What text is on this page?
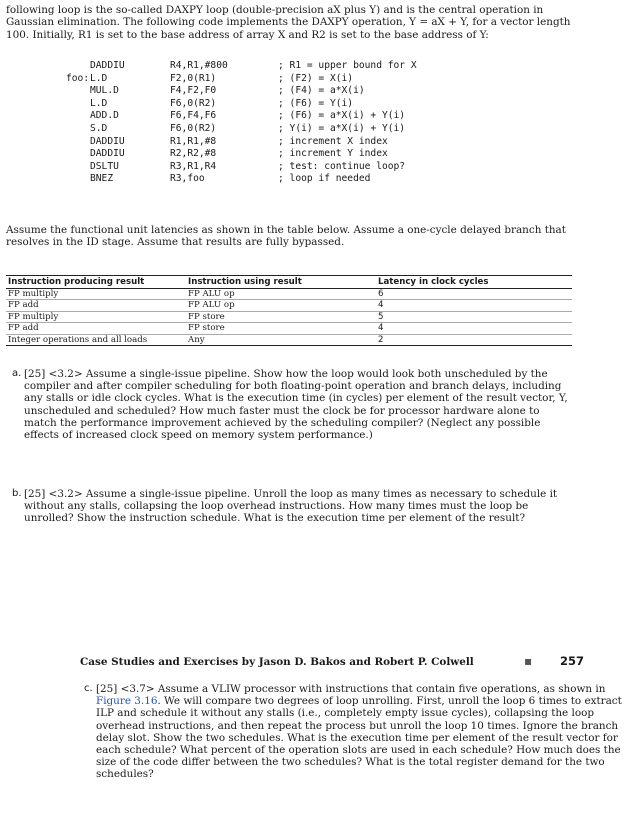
following loop is the so-called DAXPY loop (double-precision aX plus Y) and is the central operation in Gaussian elimination. The following code implements the DAXPY operation, Y = aX + Y, for a vector length 100. Initially, R1 is set to the base address of array X and R2 is set to the base address of Y:

DADDIU	R4,R1,#800	; R1 = upper bound for X
foo: L.D	F2,0(R1)	; (F2) = X(i)
MUL.D	F4,F2,F0	; (F4) = a*X(i)
L.D	F6,0(R2)	; (F6) = Y(i)
ADD.D	F6,F4,F6	; (F6) = a*X(i) + Y(i)
S.D	F6,0(R2)	; Y(i) = a*X(i) + Y(i)
DADDIU	R1,R1,#8	; increment X index
DADDIU	R2,R2,#8	; increment Y index
DSLTU	R3,R1,R4	; test: continue loop?
BNEZ	R3,foo	; loop if needed

Assume the functional unit latencies as shown in the table below. Assume a one-cycle delayed branch that resolves in the ID stage. Assume that results are fully bypassed.

Instruction producing result	Instruction using result	Latency in clock cycles
FP multiply	FP ALU op	6
FP add	FP ALU op	4
FP multiply	FP store	5
FP add	FP store	4
Integer operations and all loads	Any	2
a. [25] <3.2> Assume a single-issue pipeline. Show how the loop would look both unscheduled by the compiler and after compiler scheduling for both floating-point operation and branch delays, including any stalls or idle clock cycles. What is the execution time (in cycles) per element of the result vector, Y, unscheduled and scheduled? How much faster must the clock be for processor hardware alone to match the performance improvement achieved by the scheduling compiler? (Neglect any possible effects of increased clock speed on memory system performance.)
b. [25] <3.2> Assume a single-issue pipeline. Unroll the loop as many times as necessary to schedule it without any stalls, collapsing the loop overhead instructions. How many times must the loop be unrolled? Show the instruction schedule. What is the execution time per element of the result?
Case Studies and Exercises by Jason D. Bakos and Robert P. Colwell	▪ 257
c. [25] <3.7> Assume a VLIW processor with instructions that contain five operations, as shown in Figure 3.16. We will compare two degrees of loop unrolling. First, unroll the loop 6 times to extract ILP and schedule it without any stalls (i.e., completely empty issue cycles), collapsing the loop overhead instructions, and then repeat the process but unroll the loop 10 times. Ignore the branch delay slot. Show the two schedules. What is the execution time per element of the result vector for each schedule? What percent of the operation slots are used in each schedule? How much does the size of the code differ between the two schedules? What is the total register demand for the two schedules?
